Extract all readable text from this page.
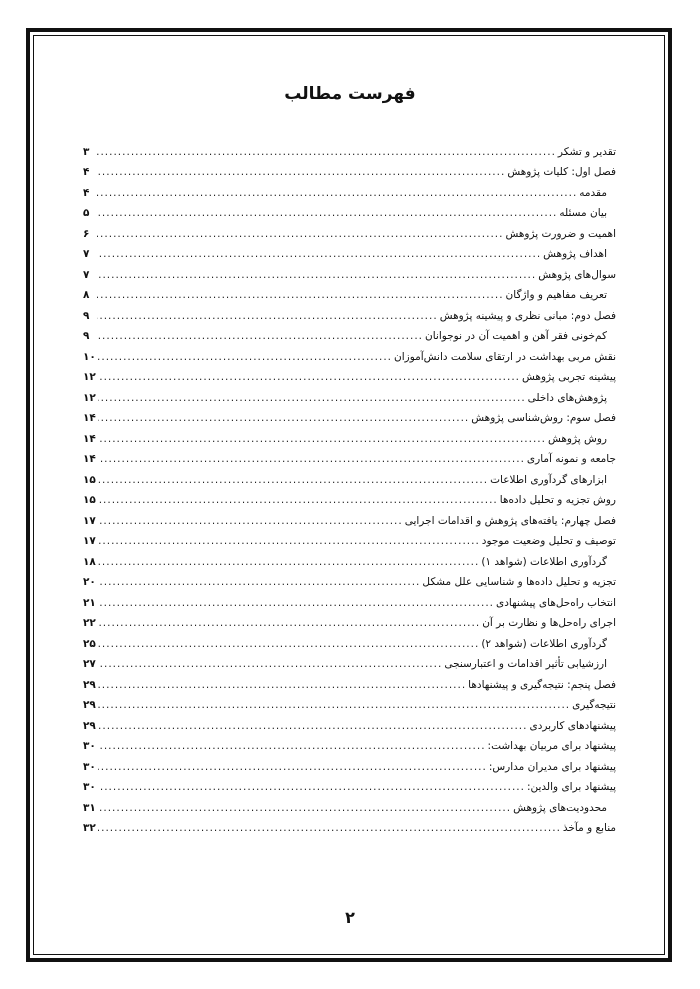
فهرست مطالب
تقدیر و تشکر
.....
۳
فصل اول: کلیات پژوهش
.....
۴
مقدمه
.....
۴
بیان مسئله
.....
۵
اهمیت و ضرورت پژوهش
.....
۶
اهداف پژوهش
.....
۷
سوال‌های پژوهش
.....
۷
تعریف مفاهیم و واژگان
.....
۸
فصل دوم: مبانی نظری و پیشینه پژوهش
.....
۹
کم‌خونی فقر آهن و اهمیت آن در نوجوانان
.....
۹
نقش مربی بهداشت در ارتقای سلامت دانش‌آموزان
.....
۱۰
پیشینه تجربی پژوهش
.....
۱۲
پژوهش‌های داخلی
.....
۱۲
فصل سوم: روش‌شناسی پژوهش
.....
۱۴
روش پژوهش
.....
۱۴
جامعه و نمونه آماری
.....
۱۴
ابزارهای گردآوری اطلاعات
.....
۱۵
روش تجزیه و تحلیل داده‌ها
.....
۱۵
فصل چهارم: یافته‌های پژوهش و اقدامات اجرایی
.....
۱۷
توصیف و تحلیل وضعیت موجود
.....
۱۷
گردآوری اطلاعات (شواهد ۱)
.....
۱۸
تجزیه و تحلیل داده‌ها و شناسایی علل مشکل
.....
۲۰
انتخاب راه‌حل‌های پیشنهادی
.....
۲۱
اجرای راه‌حل‌ها و نظارت بر آن
.....
۲۲
گردآوری اطلاعات (شواهد ۲)
.....
۲۵
ارزشیابی تأثیر اقدامات و اعتبارسنجی
.....
۲۷
فصل پنجم: نتیجه‌گیری و پیشنهادها
.....
۲۹
نتیجه‌گیری
.....
۲۹
پیشنهادهای کاربردی
.....
۲۹
پیشنهاد برای مربیان بهداشت:
.....
۳۰
پیشنهاد برای مدیران مدارس:
.....
۳۰
پیشنهاد برای والدین:
.....
۳۰
محدودیت‌های پژوهش
.....
۳۱
منابع و مآخذ
.....
۳۲
۲
